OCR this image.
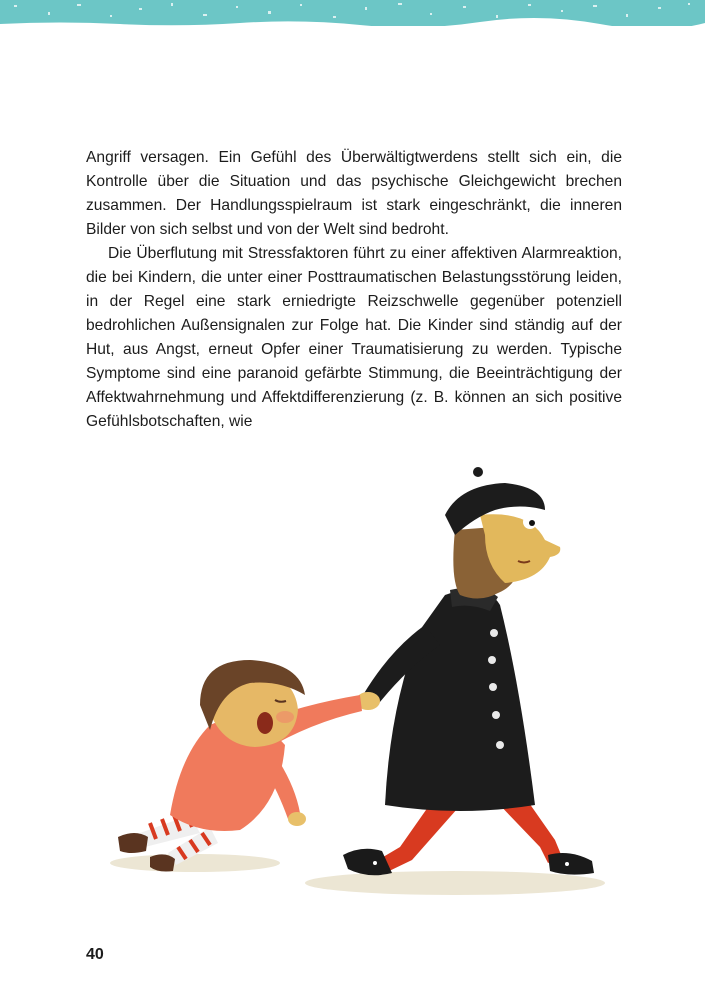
Angriff versagen. Ein Gefühl des Überwältigtwerdens stellt sich ein, die Kontrolle über die Situation und das psychische Gleichgewicht brechen zusammen. Der Handlungsspielraum ist stark eingeschränkt, die inneren Bilder von sich selbst und von der Welt sind bedroht.

Die Überflutung mit Stressfaktoren führt zu einer affektiven Alarmreaktion, die bei Kindern, die unter einer Posttraumatischen Belastungsstörung leiden, in der Regel eine stark erniedrigte Reizschwelle gegenüber potenziell bedrohlichen Außensignalen zur Folge hat. Die Kinder sind ständig auf der Hut, aus Angst, erneut Opfer einer Traumatisierung zu werden. Typische Symptome sind eine paranoid gefärbte Stimmung, die Beeinträchtigung der Affektwahrnehmung und Affektdifferenzierung (z. B. können an sich positive Gefühlsbotschaften, wie

40
